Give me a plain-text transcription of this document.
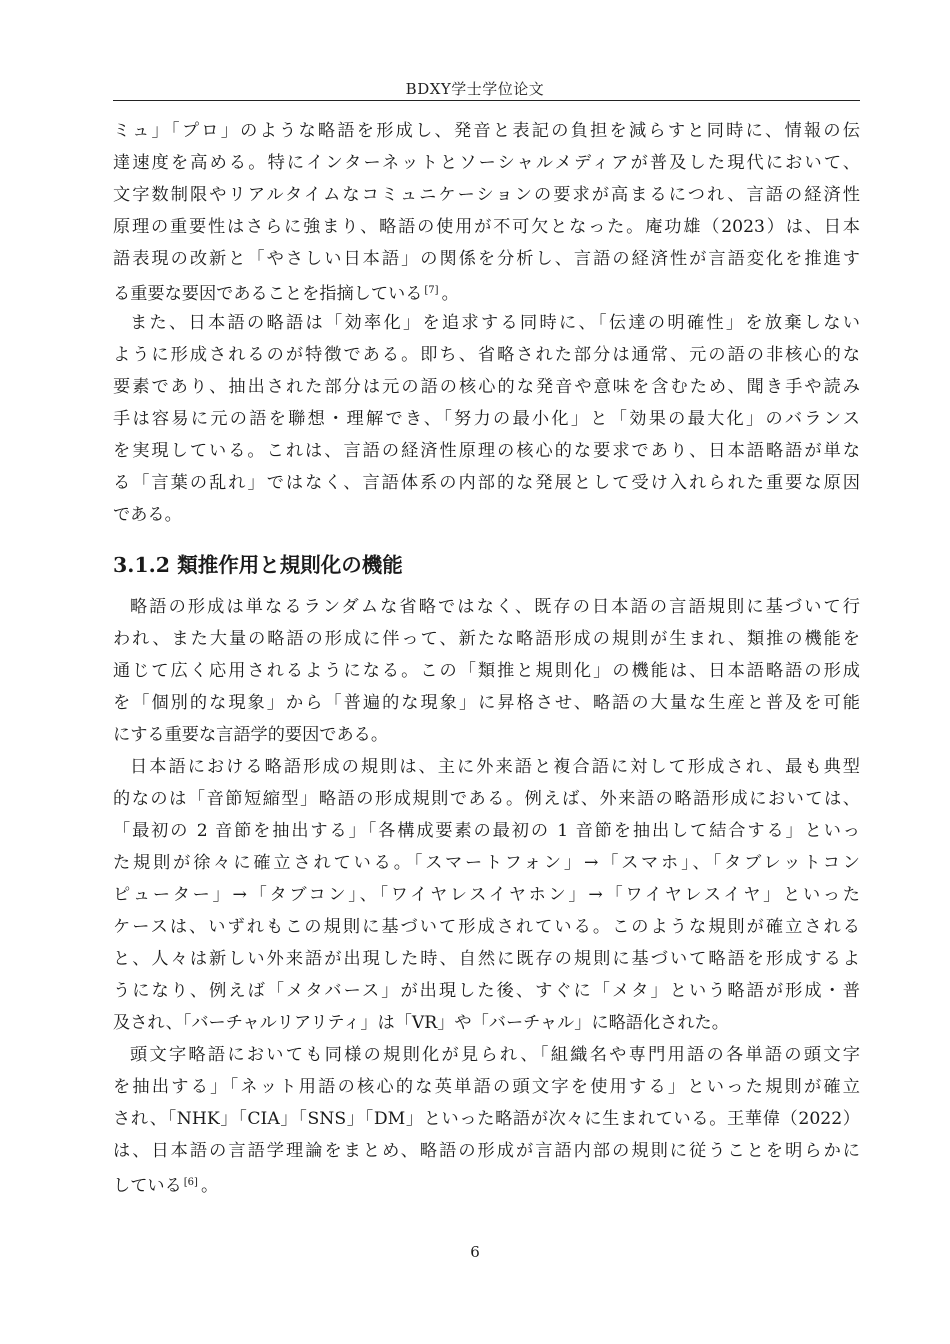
BDXY学士学位论文
ミュ」「プロ」のような略語を形成し、発音と表記の負担を減らすと同時に、情報の伝
達速度を高める。特にインターネットとソーシャルメディアが普及した現代において、
文字数制限やリアルタイムなコミュニケーションの要求が高まるにつれ、言語の経済性
原理の重要性はさらに強まり、略語の使用が不可欠となった。庵功雄（2023）は、日本
語表現の改新と「やさしい日本語」の関係を分析し、言語の経済性が言語変化を推進す
る重要な要因であることを指摘している [7] 。
また、日本語の略語は「効率化」を追求する同時に、「伝達の明確性」を放棄しない
ように形成されるのが特徴である。即ち、省略された部分は通常、元の語の非核心的な
要素であり、抽出された部分は元の語の核心的な発音や意味を含むため、聞き手や読み
手は容易に元の語を聯想・理解でき、「努力の最小化」と「効果の最大化」のバランス
を実現している。これは、言語の経済性原理の核心的な要求であり、日本語略語が単な
る「言葉の乱れ」ではなく、言語体系の内部的な発展として受け入れられた重要な原因
である。
3.1.2 類推作用と規則化の機能
略語の形成は単なるランダムな省略ではなく、既存の日本語の言語規則に基づいて行
われ、また大量の略語の形成に伴って、新たな略語形成の規則が生まれ、類推の機能を
通じて広く応用されるようになる。この「類推と規則化」の機能は、日本語略語の形成
を「個別的な現象」から「普遍的な現象」に昇格させ、略語の大量な生産と普及を可能
にする重要な言語学的要因である。
日本語における略語形成の規則は、主に外来語と複合語に対して形成され、最も典型
的なのは「音節短縮型」略語の形成規則である。例えば、外来語の略語形成においては、
「最初の 2 音節を抽出する」「各構成要素の最初の 1 音節を抽出して結合する」といっ
た規則が徐々に確立されている。「スマートフォン」→「スマホ」、「タブレットコン
ピューター」→「タブコン」、「ワイヤレスイヤホン」→「ワイヤレスイヤ」といった
ケースは、いずれもこの規則に基づいて形成されている。このような規則が確立される
と、人々は新しい外来語が出現した時、自然に既存の規則に基づいて略語を形成するよ
うになり、例えば「メタバース」が出現した後、すぐに「メタ」という略語が形成・普
及され、「バーチャルリアリティ」は「VR」や「バーチャル」に略語化された。
頭文字略語においても同様の規則化が見られ、「組織名や専門用語の各単語の頭文字
を抽出する」「ネット用語の核心的な英単語の頭文字を使用する」といった規則が確立
され、「NHK」「CIA」「SNS」「DM」といった略語が次々に生まれている。王華偉（2022）
は、日本語の言語学理論をまとめ、略語の形成が言語内部の規則に従うことを明らかに
している [6] 。
6
